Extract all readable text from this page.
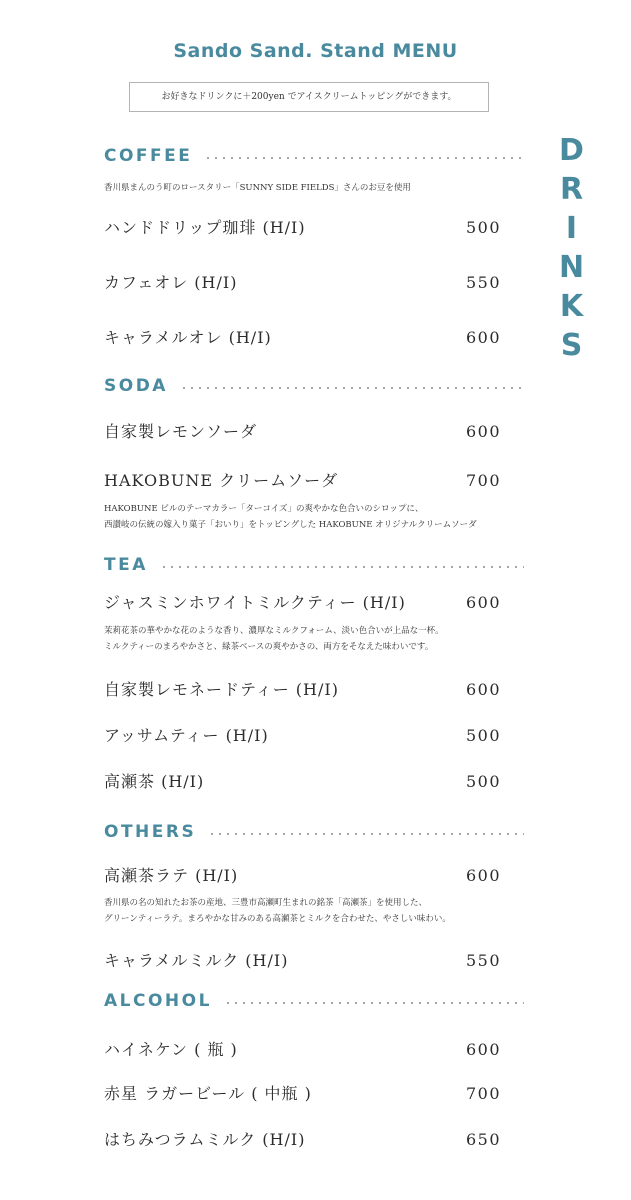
Sando Sand. Stand MENU
お好きなドリンクに＋200yen でアイスクリームトッピングができます。
DRINKS
COFFEE
香川県まんのう町のロースタリー「SUNNY SIDE FIELDS」さんのお豆を使用
ハンドドリップ珈琲 (H/I)	500
カフェオレ (H/I)	550
キャラメルオレ (H/I)	600
SODA
自家製レモンソーダ	600
HAKOBUNE クリームソーダ	700
HAKOBUNE ビルのテーマカラー「ターコイズ」の爽やかな色合いのシロップに、
西讃岐の伝統の嫁入り菓子「おいり」をトッピングした HAKOBUNE オリジナルクリームソーダ
TEA
ジャスミンホワイトミルクティー (H/I)	600
茉莉花茶の華やかな花のような香り、濃厚なミルクフォーム、淡い色合いが上品な一杯。
ミルクティーのまろやかさと、緑茶ベースの爽やかさの、両方をそなえた味わいです。
自家製レモネードティー (H/I)	600
アッサムティー (H/I)	500
高瀬茶 (H/I)	500
OTHERS
高瀬茶ラテ (H/I)	600
香川県の名の知れたお茶の産地、三豊市高瀬町生まれの銘茶「高瀬茶」を使用した、
グリーンティーラテ。まろやかな甘みのある高瀬茶とミルクを合わせた、やさしい味わい。
キャラメルミルク (H/I)	550
ALCOHOL
ハイネケン ( 瓶 )	600
赤星 ラガービール ( 中瓶 )	700
はちみつラムミルク (H/I)	650
